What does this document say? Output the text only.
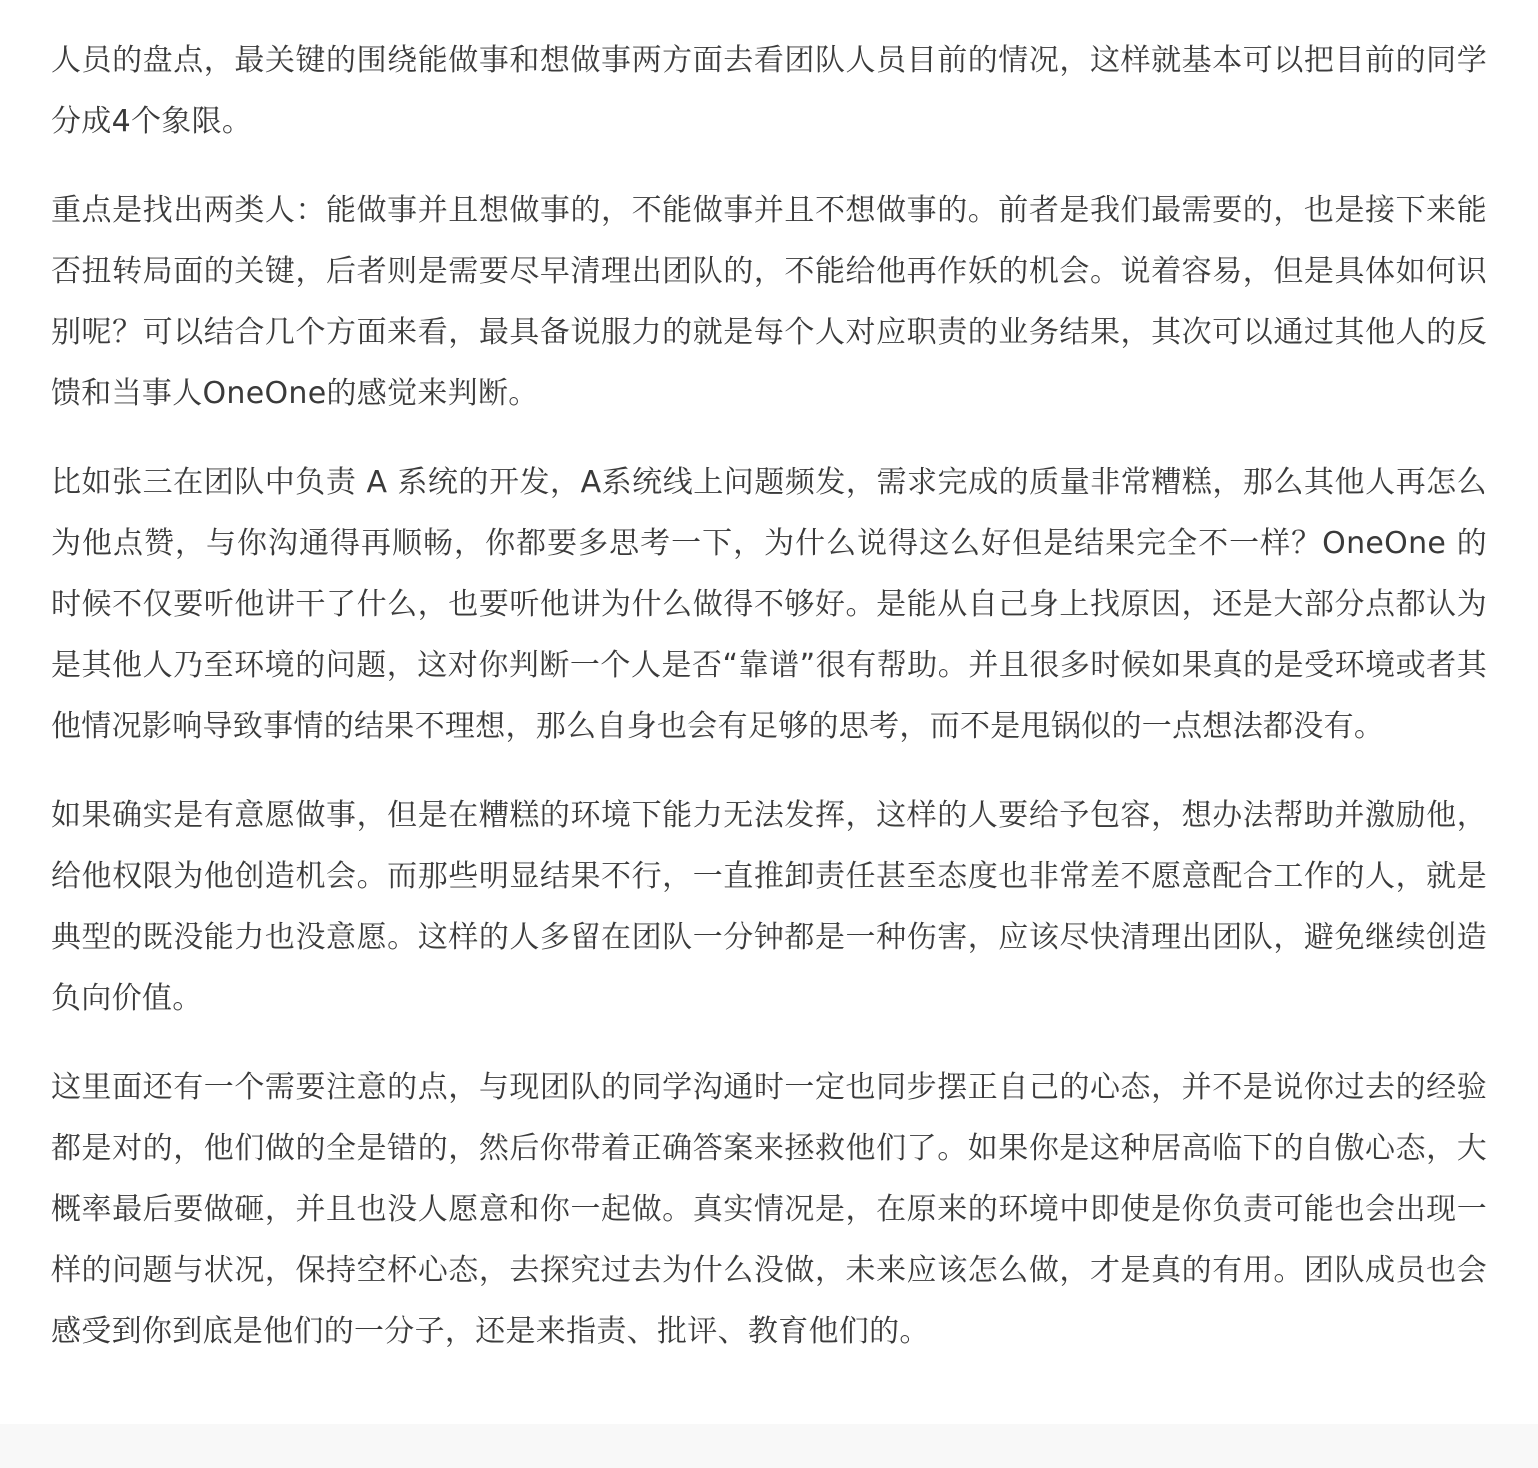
人员的盘点，最关键的围绕能做事和想做事两方面去看团队人员目前的情况，这样就基本可以把目前的同学分成4个象限。

重点是找出两类人：能做事并且想做事的，不能做事并且不想做事的。前者是我们最需要的，也是接下来能否扭转局面的关键，后者则是需要尽早清理出团队的，不能给他再作妖的机会。说着容易，但是具体如何识别呢？可以结合几个方面来看，最具备说服力的就是每个人对应职责的业务结果，其次可以通过其他人的反馈和当事人OneOne的感觉来判断。

比如张三在团队中负责 A 系统的开发，A系统线上问题频发，需求完成的质量非常糟糕，那么其他人再怎么为他点赞，与你沟通得再顺畅，你都要多思考一下，为什么说得这么好但是结果完全不一样？OneOne 的时候不仅要听他讲干了什么，也要听他讲为什么做得不够好。是能从自己身上找原因，还是大部分点都认为是其他人乃至环境的问题，这对你判断一个人是否“靠谱”很有帮助。并且很多时候如果真的是受环境或者其他情况影响导致事情的结果不理想，那么自身也会有足够的思考，而不是甩锅似的一点想法都没有。

如果确实是有意愿做事，但是在糟糕的环境下能力无法发挥，这样的人要给予包容，想办法帮助并激励他，给他权限为他创造机会。而那些明显结果不行，一直推卸责任甚至态度也非常差不愿意配合工作的人，就是典型的既没能力也没意愿。这样的人多留在团队一分钟都是一种伤害，应该尽快清理出团队，避免继续创造负向价值。

这里面还有一个需要注意的点，与现团队的同学沟通时一定也同步摆正自己的心态，并不是说你过去的经验都是对的，他们做的全是错的，然后你带着正确答案来拯救他们了。如果你是这种居高临下的自傲心态，大概率最后要做砸，并且也没人愿意和你一起做。真实情况是，在原来的环境中即使是你负责可能也会出现一样的问题与状况，保持空杯心态，去探究过去为什么没做，未来应该怎么做，才是真的有用。团队成员也会感受到你到底是他们的一分子，还是来指责、批评、教育他们的。
